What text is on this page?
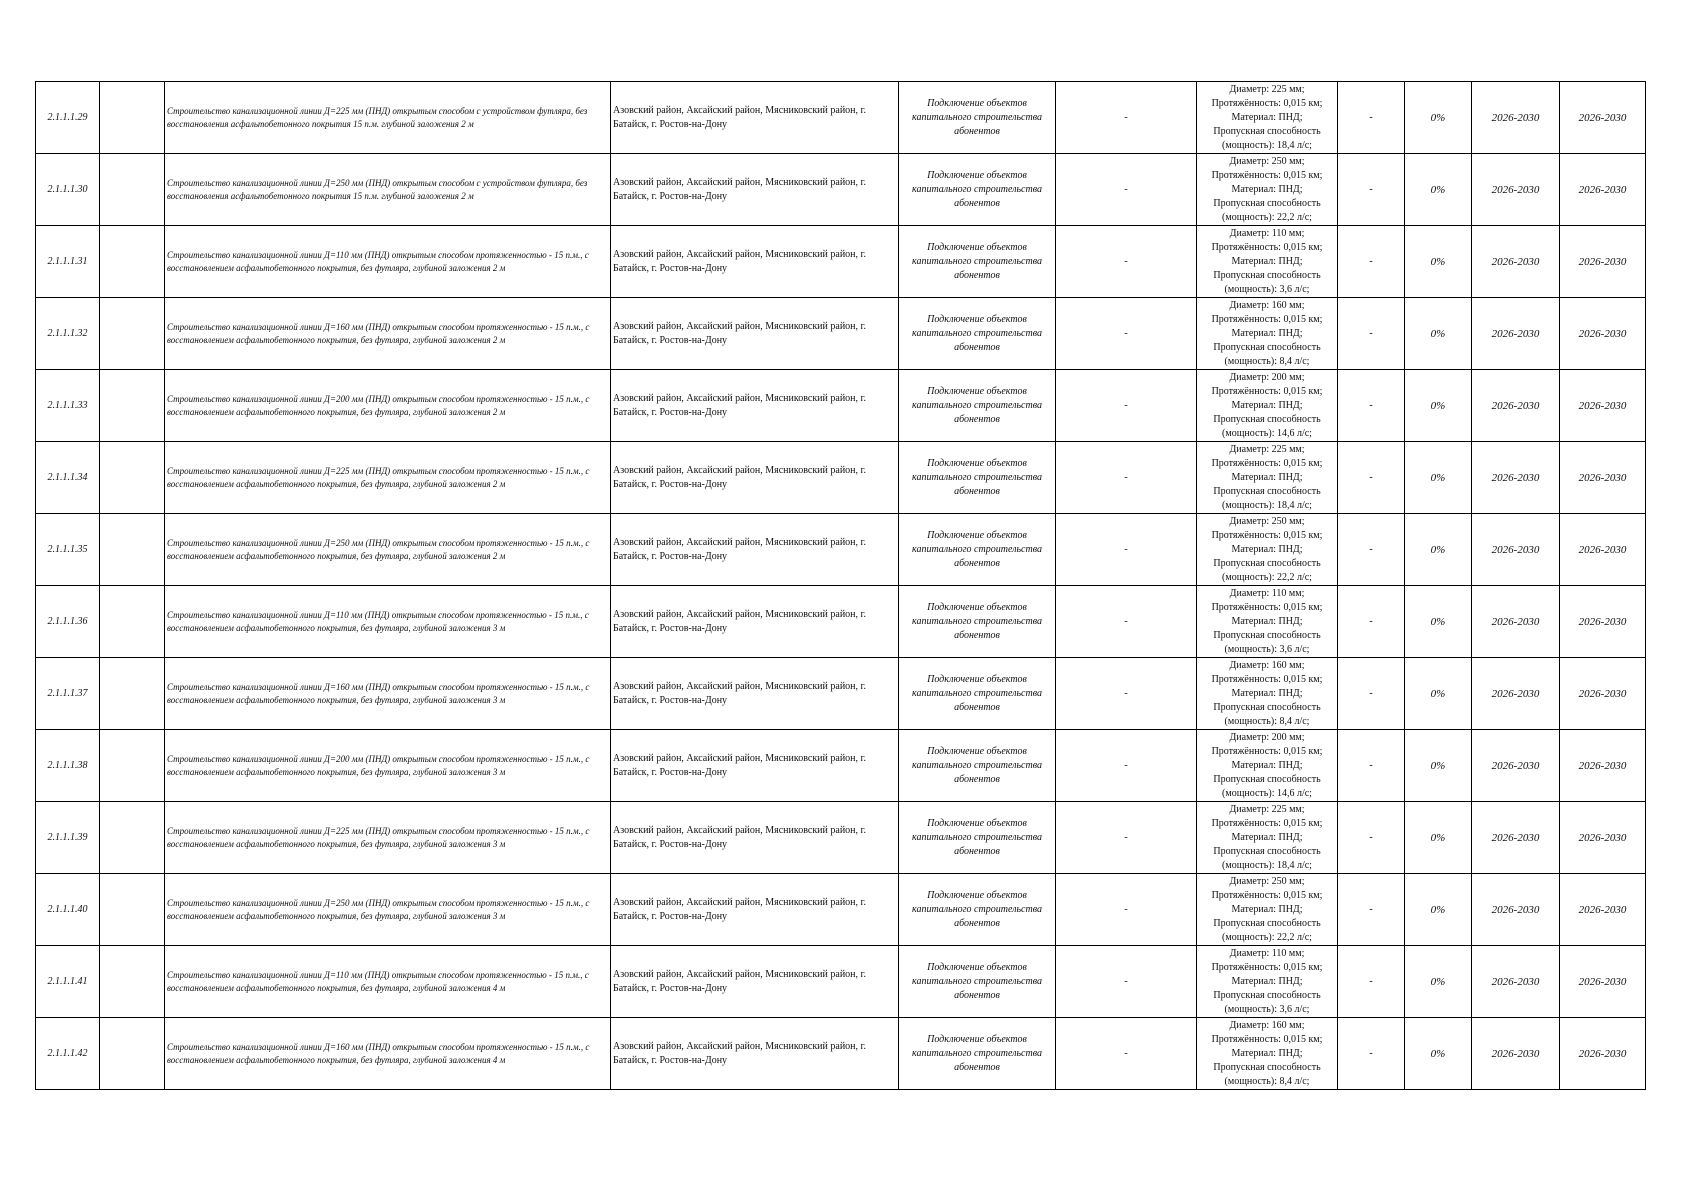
2.1.1.1.29		Строительство канализационной линии Д=225 мм (ПНД) открытым способом с устройством футляра, без восстановления асфальтобетонного покрытия 15 п.м. глубиной заложения 2 м	Азовский район, Аксайский район, Мясниковский район, г. Батайск, г. Ростов-на-Дону	Подключение объектов капитального строительства абонентов	-	Диаметр: 225 мм;
Протяжённость: 0,015 км;
Материал: ПНД;
Пропускная способность
(мощность): 18,4 л/с;	-	0%	2026-2030	2026-2030
2.1.1.1.30		Строительство канализационной линии Д=250 мм (ПНД) открытым способом с устройством футляра, без восстановления асфальтобетонного покрытия 15 п.м. глубиной заложения 2 м	Азовский район, Аксайский район, Мясниковский район, г. Батайск, г. Ростов-на-Дону	Подключение объектов капитального строительства абонентов	-	Диаметр: 250 мм;
Протяжённость: 0,015 км;
Материал: ПНД;
Пропускная способность
(мощность): 22,2 л/с;	-	0%	2026-2030	2026-2030
2.1.1.1.31		Строительство канализационной линии Д=110 мм (ПНД) открытым способом протяженностью - 15 п.м., с восстановлением асфальтобетонного покрытия, без футляра, глубиной заложения 2 м	Азовский район, Аксайский район, Мясниковский район, г. Батайск, г. Ростов-на-Дону	Подключение объектов капитального строительства абонентов	-	Диаметр: 110 мм;
Протяжённость: 0,015 км;
Материал: ПНД;
Пропускная способность
(мощность): 3,6 л/с;	-	0%	2026-2030	2026-2030
2.1.1.1.32		Строительство канализационной линии Д=160 мм (ПНД) открытым способом протяженностью - 15 п.м., с восстановлением асфальтобетонного покрытия, без футляра, глубиной заложения 2 м	Азовский район, Аксайский район, Мясниковский район, г. Батайск, г. Ростов-на-Дону	Подключение объектов капитального строительства абонентов	-	Диаметр: 160 мм;
Протяжённость: 0,015 км;
Материал: ПНД;
Пропускная способность
(мощность): 8,4 л/с;	-	0%	2026-2030	2026-2030
2.1.1.1.33		Строительство канализационной линии Д=200 мм (ПНД) открытым способом протяженностью - 15 п.м., с восстановлением асфальтобетонного покрытия, без футляра, глубиной заложения 2 м	Азовский район, Аксайский район, Мясниковский район, г. Батайск, г. Ростов-на-Дону	Подключение объектов капитального строительства абонентов	-	Диаметр: 200 мм;
Протяжённость: 0,015 км;
Материал: ПНД;
Пропускная способность
(мощность): 14,6 л/с;	-	0%	2026-2030	2026-2030
2.1.1.1.34		Строительство канализационной линии Д=225 мм (ПНД) открытым способом протяженностью - 15 п.м., с восстановлением асфальтобетонного покрытия, без футляра, глубиной заложения 2 м	Азовский район, Аксайский район, Мясниковский район, г. Батайск, г. Ростов-на-Дону	Подключение объектов капитального строительства абонентов	-	Диаметр: 225 мм;
Протяжённость: 0,015 км;
Материал: ПНД;
Пропускная способность
(мощность): 18,4 л/с;	-	0%	2026-2030	2026-2030
2.1.1.1.35		Строительство канализационной линии Д=250 мм (ПНД) открытым способом протяженностью - 15 п.м., с восстановлением асфальтобетонного покрытия, без футляра, глубиной заложения 2 м	Азовский район, Аксайский район, Мясниковский район, г. Батайск, г. Ростов-на-Дону	Подключение объектов капитального строительства абонентов	-	Диаметр: 250 мм;
Протяжённость: 0,015 км;
Материал: ПНД;
Пропускная способность
(мощность): 22,2 л/с;	-	0%	2026-2030	2026-2030
2.1.1.1.36		Строительство канализационной линии Д=110 мм (ПНД) открытым способом протяженностью - 15 п.м., с восстановлением асфальтобетонного покрытия, без футляра, глубиной заложения 3 м	Азовский район, Аксайский район, Мясниковский район, г. Батайск, г. Ростов-на-Дону	Подключение объектов капитального строительства абонентов	-	Диаметр: 110 мм;
Протяжённость: 0,015 км;
Материал: ПНД;
Пропускная способность
(мощность): 3,6 л/с;	-	0%	2026-2030	2026-2030
2.1.1.1.37		Строительство канализационной линии Д=160 мм (ПНД) открытым способом протяженностью - 15 п.м., с восстановлением асфальтобетонного покрытия, без футляра, глубиной заложения 3 м	Азовский район, Аксайский район, Мясниковский район, г. Батайск, г. Ростов-на-Дону	Подключение объектов капитального строительства абонентов	-	Диаметр: 160 мм;
Протяжённость: 0,015 км;
Материал: ПНД;
Пропускная способность
(мощность): 8,4 л/с;	-	0%	2026-2030	2026-2030
2.1.1.1.38		Строительство канализационной линии Д=200 мм (ПНД) открытым способом протяженностью - 15 п.м., с восстановлением асфальтобетонного покрытия, без футляра, глубиной заложения 3 м	Азовский район, Аксайский район, Мясниковский район, г. Батайск, г. Ростов-на-Дону	Подключение объектов капитального строительства абонентов	-	Диаметр: 200 мм;
Протяжённость: 0,015 км;
Материал: ПНД;
Пропускная способность
(мощность): 14,6 л/с;	-	0%	2026-2030	2026-2030
2.1.1.1.39		Строительство канализационной линии Д=225 мм (ПНД) открытым способом протяженностью - 15 п.м., с восстановлением асфальтобетонного покрытия, без футляра, глубиной заложения 3 м	Азовский район, Аксайский район, Мясниковский район, г. Батайск, г. Ростов-на-Дону	Подключение объектов капитального строительства абонентов	-	Диаметр: 225 мм;
Протяжённость: 0,015 км;
Материал: ПНД;
Пропускная способность
(мощность): 18,4 л/с;	-	0%	2026-2030	2026-2030
2.1.1.1.40		Строительство канализационной линии Д=250 мм (ПНД) открытым способом протяженностью - 15 п.м., с восстановлением асфальтобетонного покрытия, без футляра, глубиной заложения 3 м	Азовский район, Аксайский район, Мясниковский район, г. Батайск, г. Ростов-на-Дону	Подключение объектов капитального строительства абонентов	-	Диаметр: 250 мм;
Протяжённость: 0,015 км;
Материал: ПНД;
Пропускная способность
(мощность): 22,2 л/с;	-	0%	2026-2030	2026-2030
2.1.1.1.41		Строительство канализационной линии Д=110 мм (ПНД) открытым способом протяженностью - 15 п.м., с восстановлением асфальтобетонного покрытия, без футляра, глубиной заложения 4 м	Азовский район, Аксайский район, Мясниковский район, г. Батайск, г. Ростов-на-Дону	Подключение объектов капитального строительства абонентов	-	Диаметр: 110 мм;
Протяжённость: 0,015 км;
Материал: ПНД;
Пропускная способность
(мощность): 3,6 л/с;	-	0%	2026-2030	2026-2030
2.1.1.1.42		Строительство канализационной линии Д=160 мм (ПНД) открытым способом протяженностью - 15 п.м., с восстановлением асфальтобетонного покрытия, без футляра, глубиной заложения 4 м	Азовский район, Аксайский район, Мясниковский район, г. Батайск, г. Ростов-на-Дону	Подключение объектов капитального строительства абонентов	-	Диаметр: 160 мм;
Протяжённость: 0,015 км;
Материал: ПНД;
Пропускная способность
(мощность): 8,4 л/с;	-	0%	2026-2030	2026-2030
